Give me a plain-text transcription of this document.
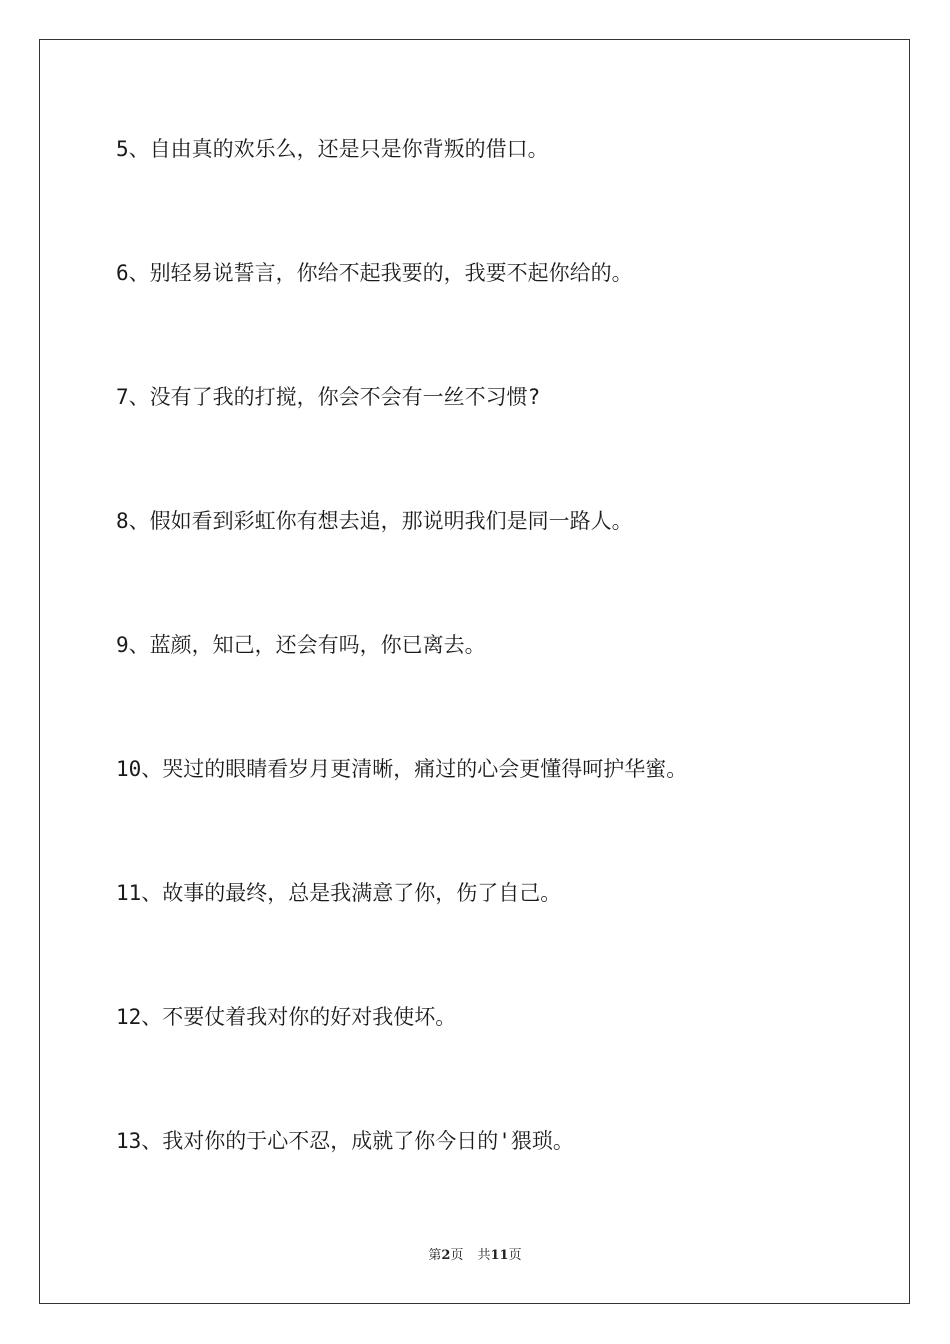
5、自由真的欢乐么，还是只是你背叛的借口。

6、别轻易说誓言，你给不起我要的，我要不起你给的。

7、没有了我的打搅，你会不会有一丝不习惯?

8、假如看到彩虹你有想去追，那说明我们是同一路人。

9、蓝颜，知己，还会有吗，你已离去。

10、哭过的眼睛看岁月更清晰，痛过的心会更懂得呵护华蜜。

11、故事的最终，总是我满意了你，伤了自己。

12、不要仗着我对你的好对我使坏。

13、我对你的于心不忍，成就了你今日的'猥琐。

第2页 共11页
